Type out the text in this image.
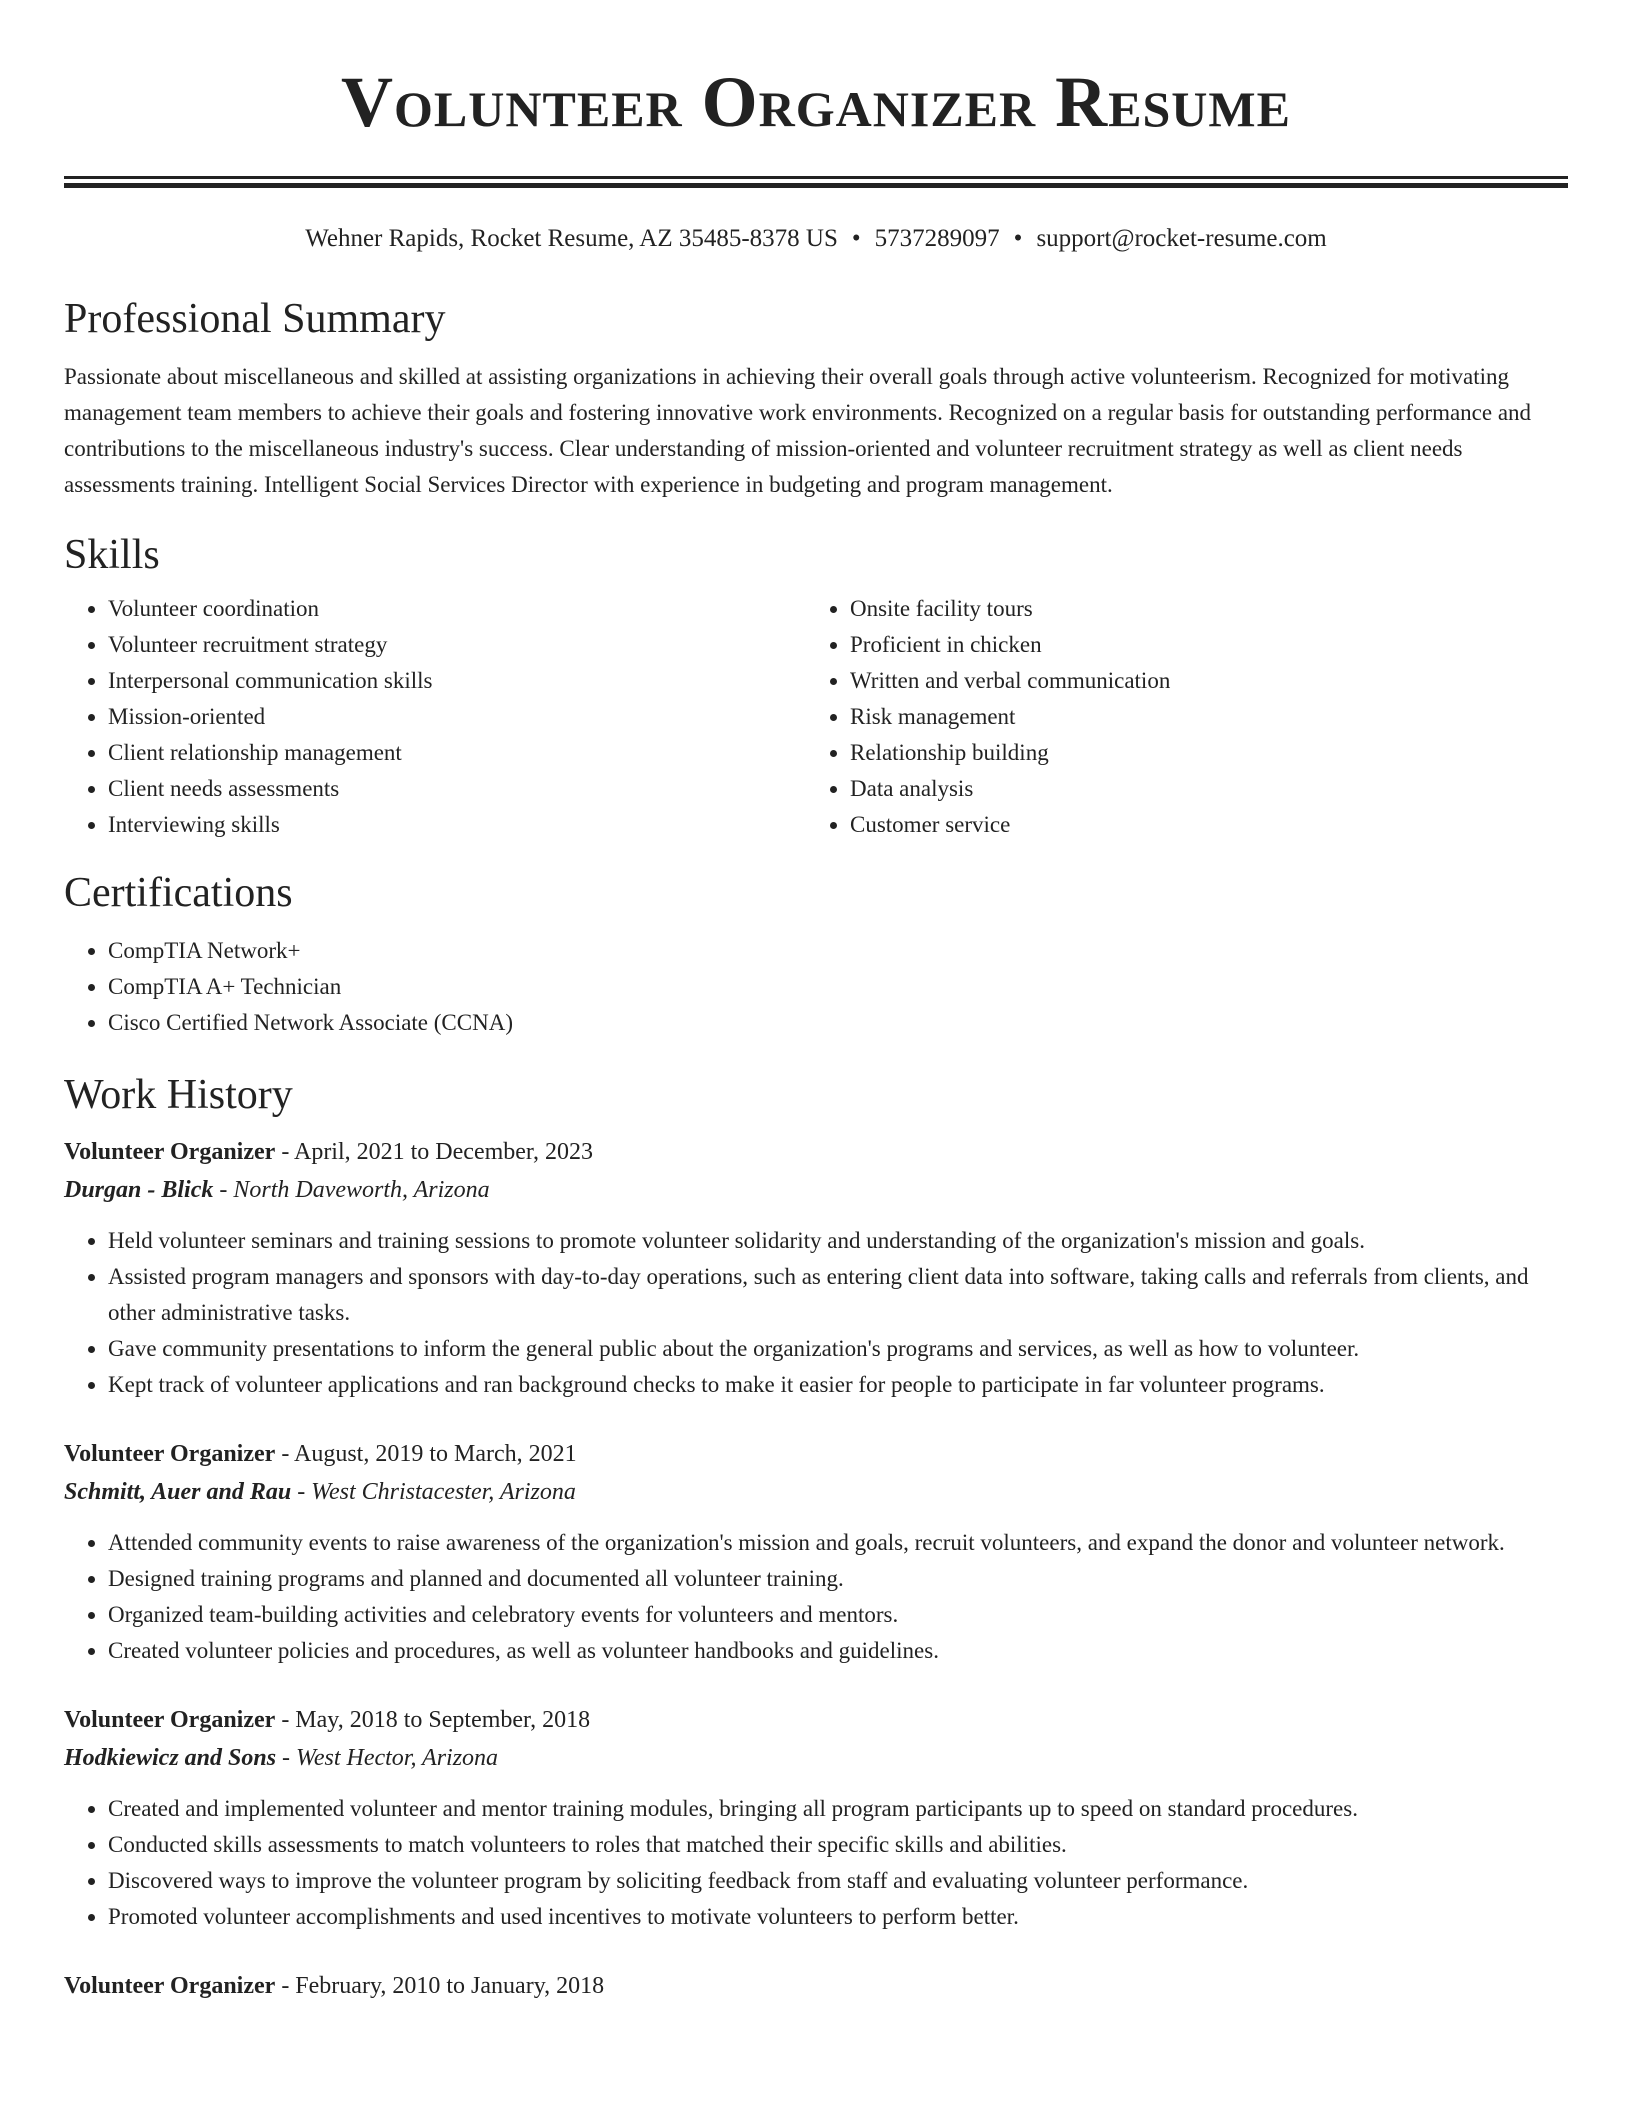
Volunteer Organizer Resume
Wehner Rapids, Rocket Resume, AZ 35485-8378 US • 5737289097 • support@rocket-resume.com
Professional Summary

Passionate about miscellaneous and skilled at assisting organizations in achieving their overall goals through active volunteerism. Recognized for motivating management team members to achieve their goals and fostering innovative work environments. Recognized on a regular basis for outstanding performance and contributions to the miscellaneous industry's success. Clear understanding of mission-oriented and volunteer recruitment strategy as well as client needs assessments training. Intelligent Social Services Director with experience in budgeting and program management.

Skills
• Volunteer coordination
• Volunteer recruitment strategy
• Interpersonal communication skills
• Mission-oriented
• Client relationship management
• Client needs assessments
• Interviewing skills
• Onsite facility tours
• Proficient in chicken
• Written and verbal communication
• Risk management
• Relationship building
• Data analysis
• Customer service
Certifications
• CompTIA Network+
• CompTIA A+ Technician
• Cisco Certified Network Associate (CCNA)
Work History
Volunteer Organizer - April, 2021 to December, 2023
Durgan - Blick - North Daveworth, Arizona
• Held volunteer seminars and training sessions to promote volunteer solidarity and understanding of the organization's mission and goals.
• Assisted program managers and sponsors with day-to-day operations, such as entering client data into software, taking calls and referrals from clients, and other administrative tasks.
• Gave community presentations to inform the general public about the organization's programs and services, as well as how to volunteer.
• Kept track of volunteer applications and ran background checks to make it easier for people to participate in far volunteer programs.
Volunteer Organizer - August, 2019 to March, 2021
Schmitt, Auer and Rau - West Christacester, Arizona
• Attended community events to raise awareness of the organization's mission and goals, recruit volunteers, and expand the donor and volunteer network.
• Designed training programs and planned and documented all volunteer training.
• Organized team-building activities and celebratory events for volunteers and mentors.
• Created volunteer policies and procedures, as well as volunteer handbooks and guidelines.
Volunteer Organizer - May, 2018 to September, 2018
Hodkiewicz and Sons - West Hector, Arizona
• Created and implemented volunteer and mentor training modules, bringing all program participants up to speed on standard procedures.
• Conducted skills assessments to match volunteers to roles that matched their specific skills and abilities.
• Discovered ways to improve the volunteer program by soliciting feedback from staff and evaluating volunteer performance.
• Promoted volunteer accomplishments and used incentives to motivate volunteers to perform better.
Volunteer Organizer - February, 2010 to January, 2018
